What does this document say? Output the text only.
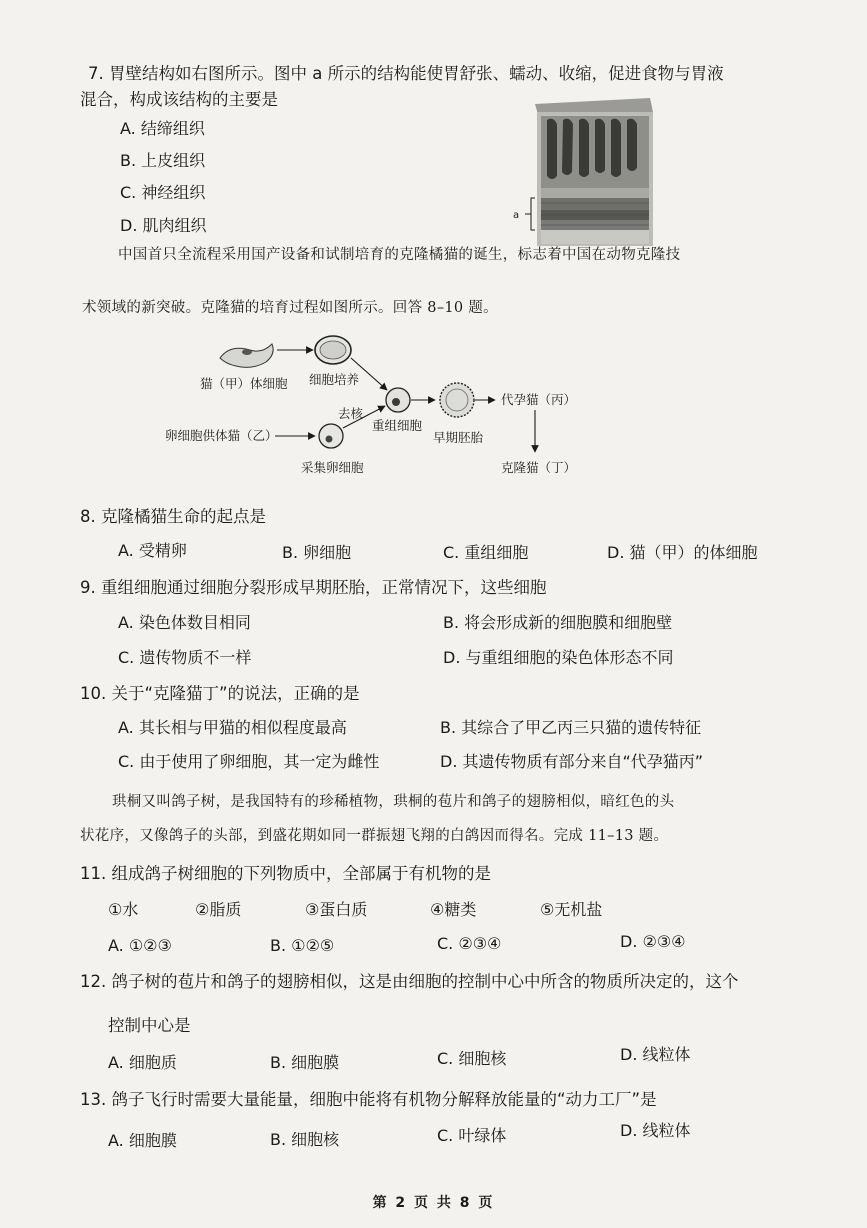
7. 胃壁结构如右图所示。图中 a 所示的结构能使胃舒张、蠕动、收缩，促进食物与胃液
混合，构成该结构的主要是
A. 结缔组织
B. 上皮组织
C. 神经组织
D. 肌肉组织
a
中国首只全流程采用国产设备和试制培育的克隆橘猫的诞生，标志着中国在动物克隆技
术领域的新突破。克隆猫的培育过程如图所示。回答 8–10 题。
猫（甲）体细胞 细胞培养
卵细胞供体猫（乙）
采集卵细胞
去核
重组细胞
早期胚胎
代孕猫（丙）
克隆猫（丁）
8. 克隆橘猫生命的起点是
A. 受精卵	B. 卵细胞	C. 重组细胞	D. 猫（甲）的体细胞
9. 重组细胞通过细胞分裂形成早期胚胎，正常情况下，这些细胞
A. 染色体数目相同	B. 将会形成新的细胞膜和细胞壁
C. 遗传物质不一样	D. 与重组细胞的染色体形态不同
10. 关于“克隆猫丁”的说法，正确的是
A. 其长相与甲猫的相似程度最高	B. 其综合了甲乙丙三只猫的遗传特征
C. 由于使用了卵细胞，其一定为雌性	D. 其遗传物质有部分来自“代孕猫丙”
珙桐又叫鸽子树，是我国特有的珍稀植物，珙桐的苞片和鸽子的翅膀相似，暗红色的头
状花序，又像鸽子的头部，到盛花期如同一群振翅飞翔的白鸽因而得名。完成 11–13 题。
11. 组成鸽子树细胞的下列物质中，全部属于有机物的是
①水	②脂质	③蛋白质	④糖类	⑤无机盐
A. ①②③	B. ①②⑤	C. ②③④	D. ②③④
12. 鸽子树的苞片和鸽子的翅膀相似，这是由细胞的控制中心中所含的物质所决定的，这个
控制中心是
A. 细胞质	B. 细胞膜	C. 细胞核	D. 线粒体
13. 鸽子飞行时需要大量能量，细胞中能将有机物分解释放能量的“动力工厂”是
A. 细胞膜	B. 细胞核	C. 叶绿体	D. 线粒体
第 2 页 共 8 页
